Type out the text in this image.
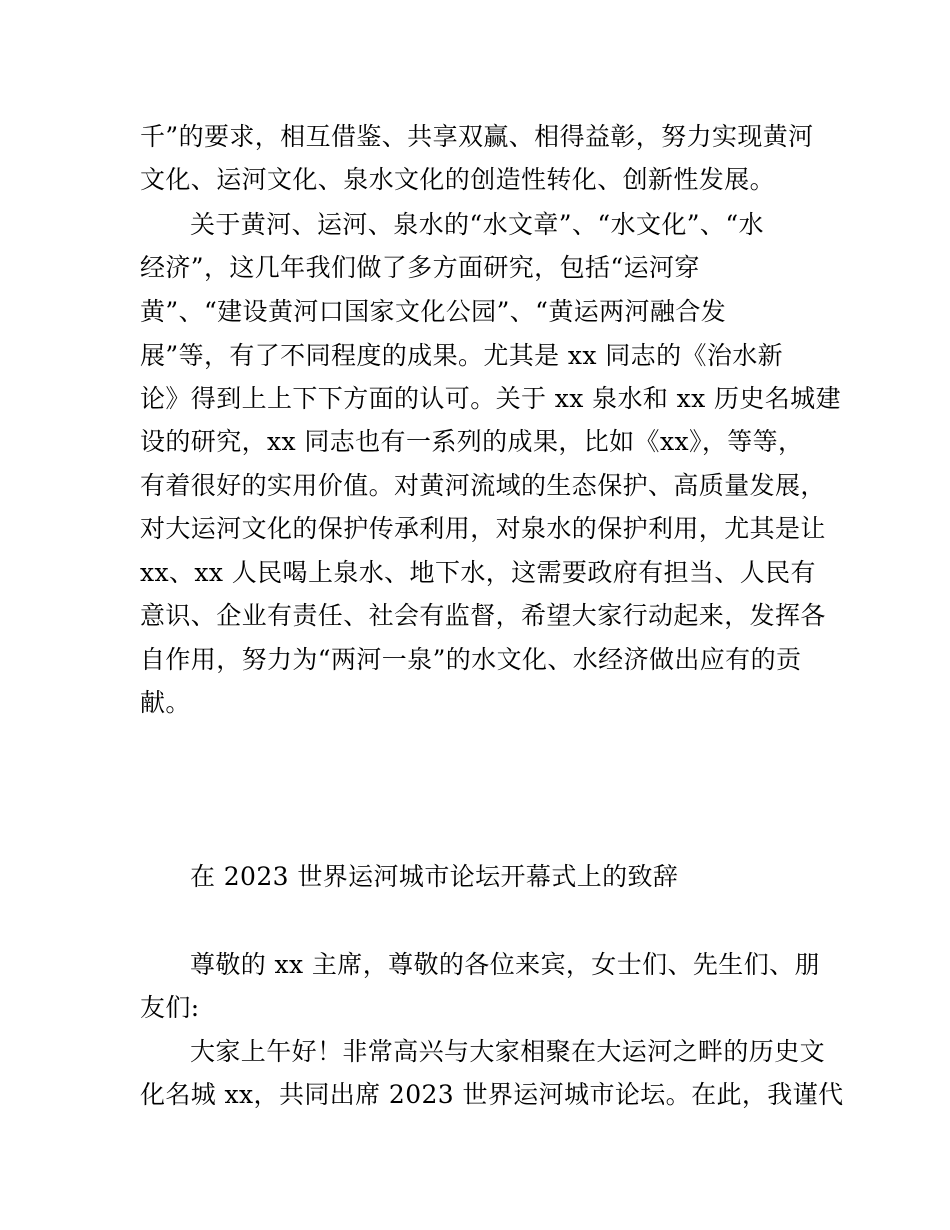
千”的要求，相互借鉴、共享双赢、相得益彰，努力实现黄河
文化、运河文化、泉水文化的创造性转化、创新性发展。
关于黄河、运河、泉水的“水文章”、“水文化”、“水
经济”，这几年我们做了多方面研究，包括“运河穿
黄”、“建设黄河口国家文化公园”、“黄运两河融合发
展”等，有了不同程度的成果。尤其是 xx 同志的《治水新
论》得到上上下下方面的认可。关于 xx 泉水和 xx 历史名城建
设的研究，xx 同志也有一系列的成果，比如《xx》，等等，
有着很好的实用价值。对黄河流域的生态保护、高质量发展，
对大运河文化的保护传承利用，对泉水的保护利用，尤其是让
xx、xx 人民喝上泉水、地下水，这需要政府有担当、人民有
意识、企业有责任、社会有监督，希望大家行动起来，发挥各
自作用，努力为“两河一泉”的水文化、水经济做出应有的贡
献。
在 2023 世界运河城市论坛开幕式上的致辞
尊敬的 xx 主席，尊敬的各位来宾，女士们、先生们、朋
友们:
大家上午好！非常高兴与大家相聚在大运河之畔的历史文
化名城 xx，共同出席 2023 世界运河城市论坛。在此，我谨代
